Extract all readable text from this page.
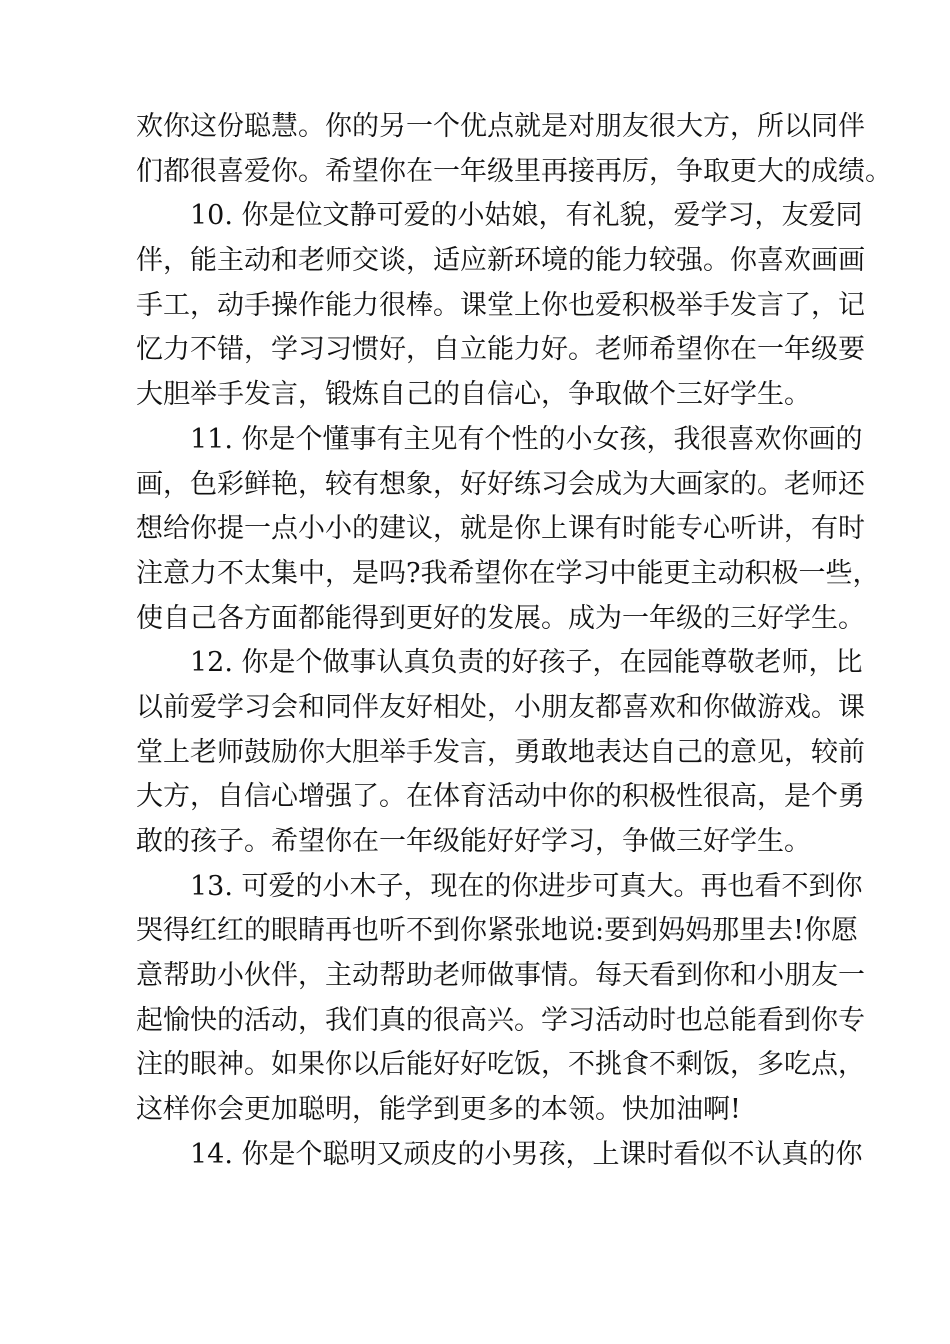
欢你这份聪慧。你的另一个优点就是对朋友很大方，所以同伴
们都很喜爱你。希望你在一年级里再接再厉，争取更大的成绩。
10. 你是位文静可爱的小姑娘，有礼貌，爱学习，友爱同
伴，能主动和老师交谈，适应新环境的能力较强。你喜欢画画
手工，动手操作能力很棒。课堂上你也爱积极举手发言了，记
忆力不错，学习习惯好，自立能力好。老师希望你在一年级要
大胆举手发言，锻炼自己的自信心，争取做个三好学生。
11. 你是个懂事有主见有个性的小女孩，我很喜欢你画的
画，色彩鲜艳，较有想象，好好练习会成为大画家的。老师还
想给你提一点小小的建议，就是你上课有时能专心听讲，有时
注意力不太集中，是吗?我希望你在学习中能更主动积极一些，
使自己各方面都能得到更好的发展。成为一年级的三好学生。
12. 你是个做事认真负责的好孩子，在园能尊敬老师，比
以前爱学习会和同伴友好相处，小朋友都喜欢和你做游戏。课
堂上老师鼓励你大胆举手发言，勇敢地表达自己的意见，较前
大方，自信心增强了。在体育活动中你的积极性很高，是个勇
敢的孩子。希望你在一年级能好好学习，争做三好学生。
13. 可爱的小木子，现在的你进步可真大。再也看不到你
哭得红红的眼睛再也听不到你紧张地说:要到妈妈那里去!你愿
意帮助小伙伴，主动帮助老师做事情。每天看到你和小朋友一
起愉快的活动，我们真的很高兴。学习活动时也总能看到你专
注的眼神。如果你以后能好好吃饭，不挑食不剩饭，多吃点，
这样你会更加聪明，能学到更多的本领。快加油啊!
14. 你是个聪明又顽皮的小男孩，上课时看似不认真的你
